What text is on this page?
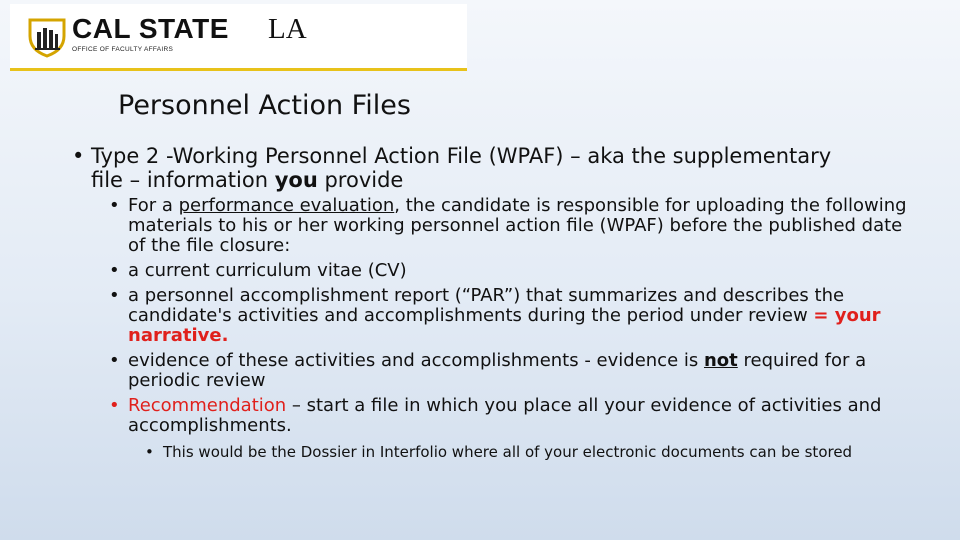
CAL STATE LA
OFFICE OF FACULTY AFFAIRS
Personnel Action Files
• Type 2 -Working Personnel Action File (WPAF) – aka the supplementary file – information you provide
• For a performance evaluation, the candidate is responsible for uploading the following materials to his or her working personnel action file (WPAF) before the published date of the file closure:
• a current curriculum vitae (CV)
• a personnel accomplishment report (“PAR”) that summarizes and describes the candidate's activities and accomplishments during the period under review = your narrative.
• evidence of these activities and accomplishments - evidence is not required for a periodic review
• Recommendation – start a file in which you place all your evidence of activities and accomplishments.
• This would be the Dossier in Interfolio where all of your electronic documents can be stored
